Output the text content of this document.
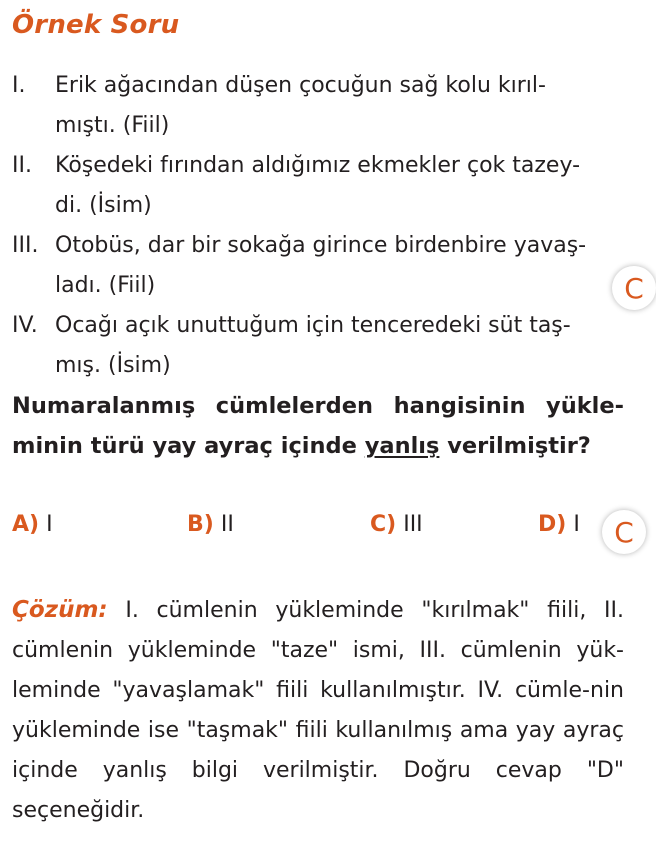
Örnek Soru
I. Erik ağacından düşen çocuğun sağ kolu kırıl-
mıştı. (Fiil)
II. Köşedeki fırından aldığımız ekmekler çok tazey-
di. (İsim)
III. Otobüs, dar bir sokağa girince birdenbire yavaş-
ladı. (Fiil)
IV. Ocağı açık unuttuğum için tenceredeki süt taş-
mış. (İsim)
Numaralanmış cümlelerden hangisinin yükle-minin türü yay ayraç içinde yanlış verilmiştir?
A) I	B) II	C) III	D) I
Çözüm: I. cümlenin yükleminde "kırılmak" fiili, II. cümlenin yükleminde "taze" ismi, III. cümlenin yük-leminde "yavaşlamak" fiili kullanılmıştır. IV. cümle-nin yükleminde ise "taşmak" fiili kullanılmış ama yay ayraç içinde yanlış bilgi verilmiştir. Doğru cevap "D" seçeneğidir.
C
C
